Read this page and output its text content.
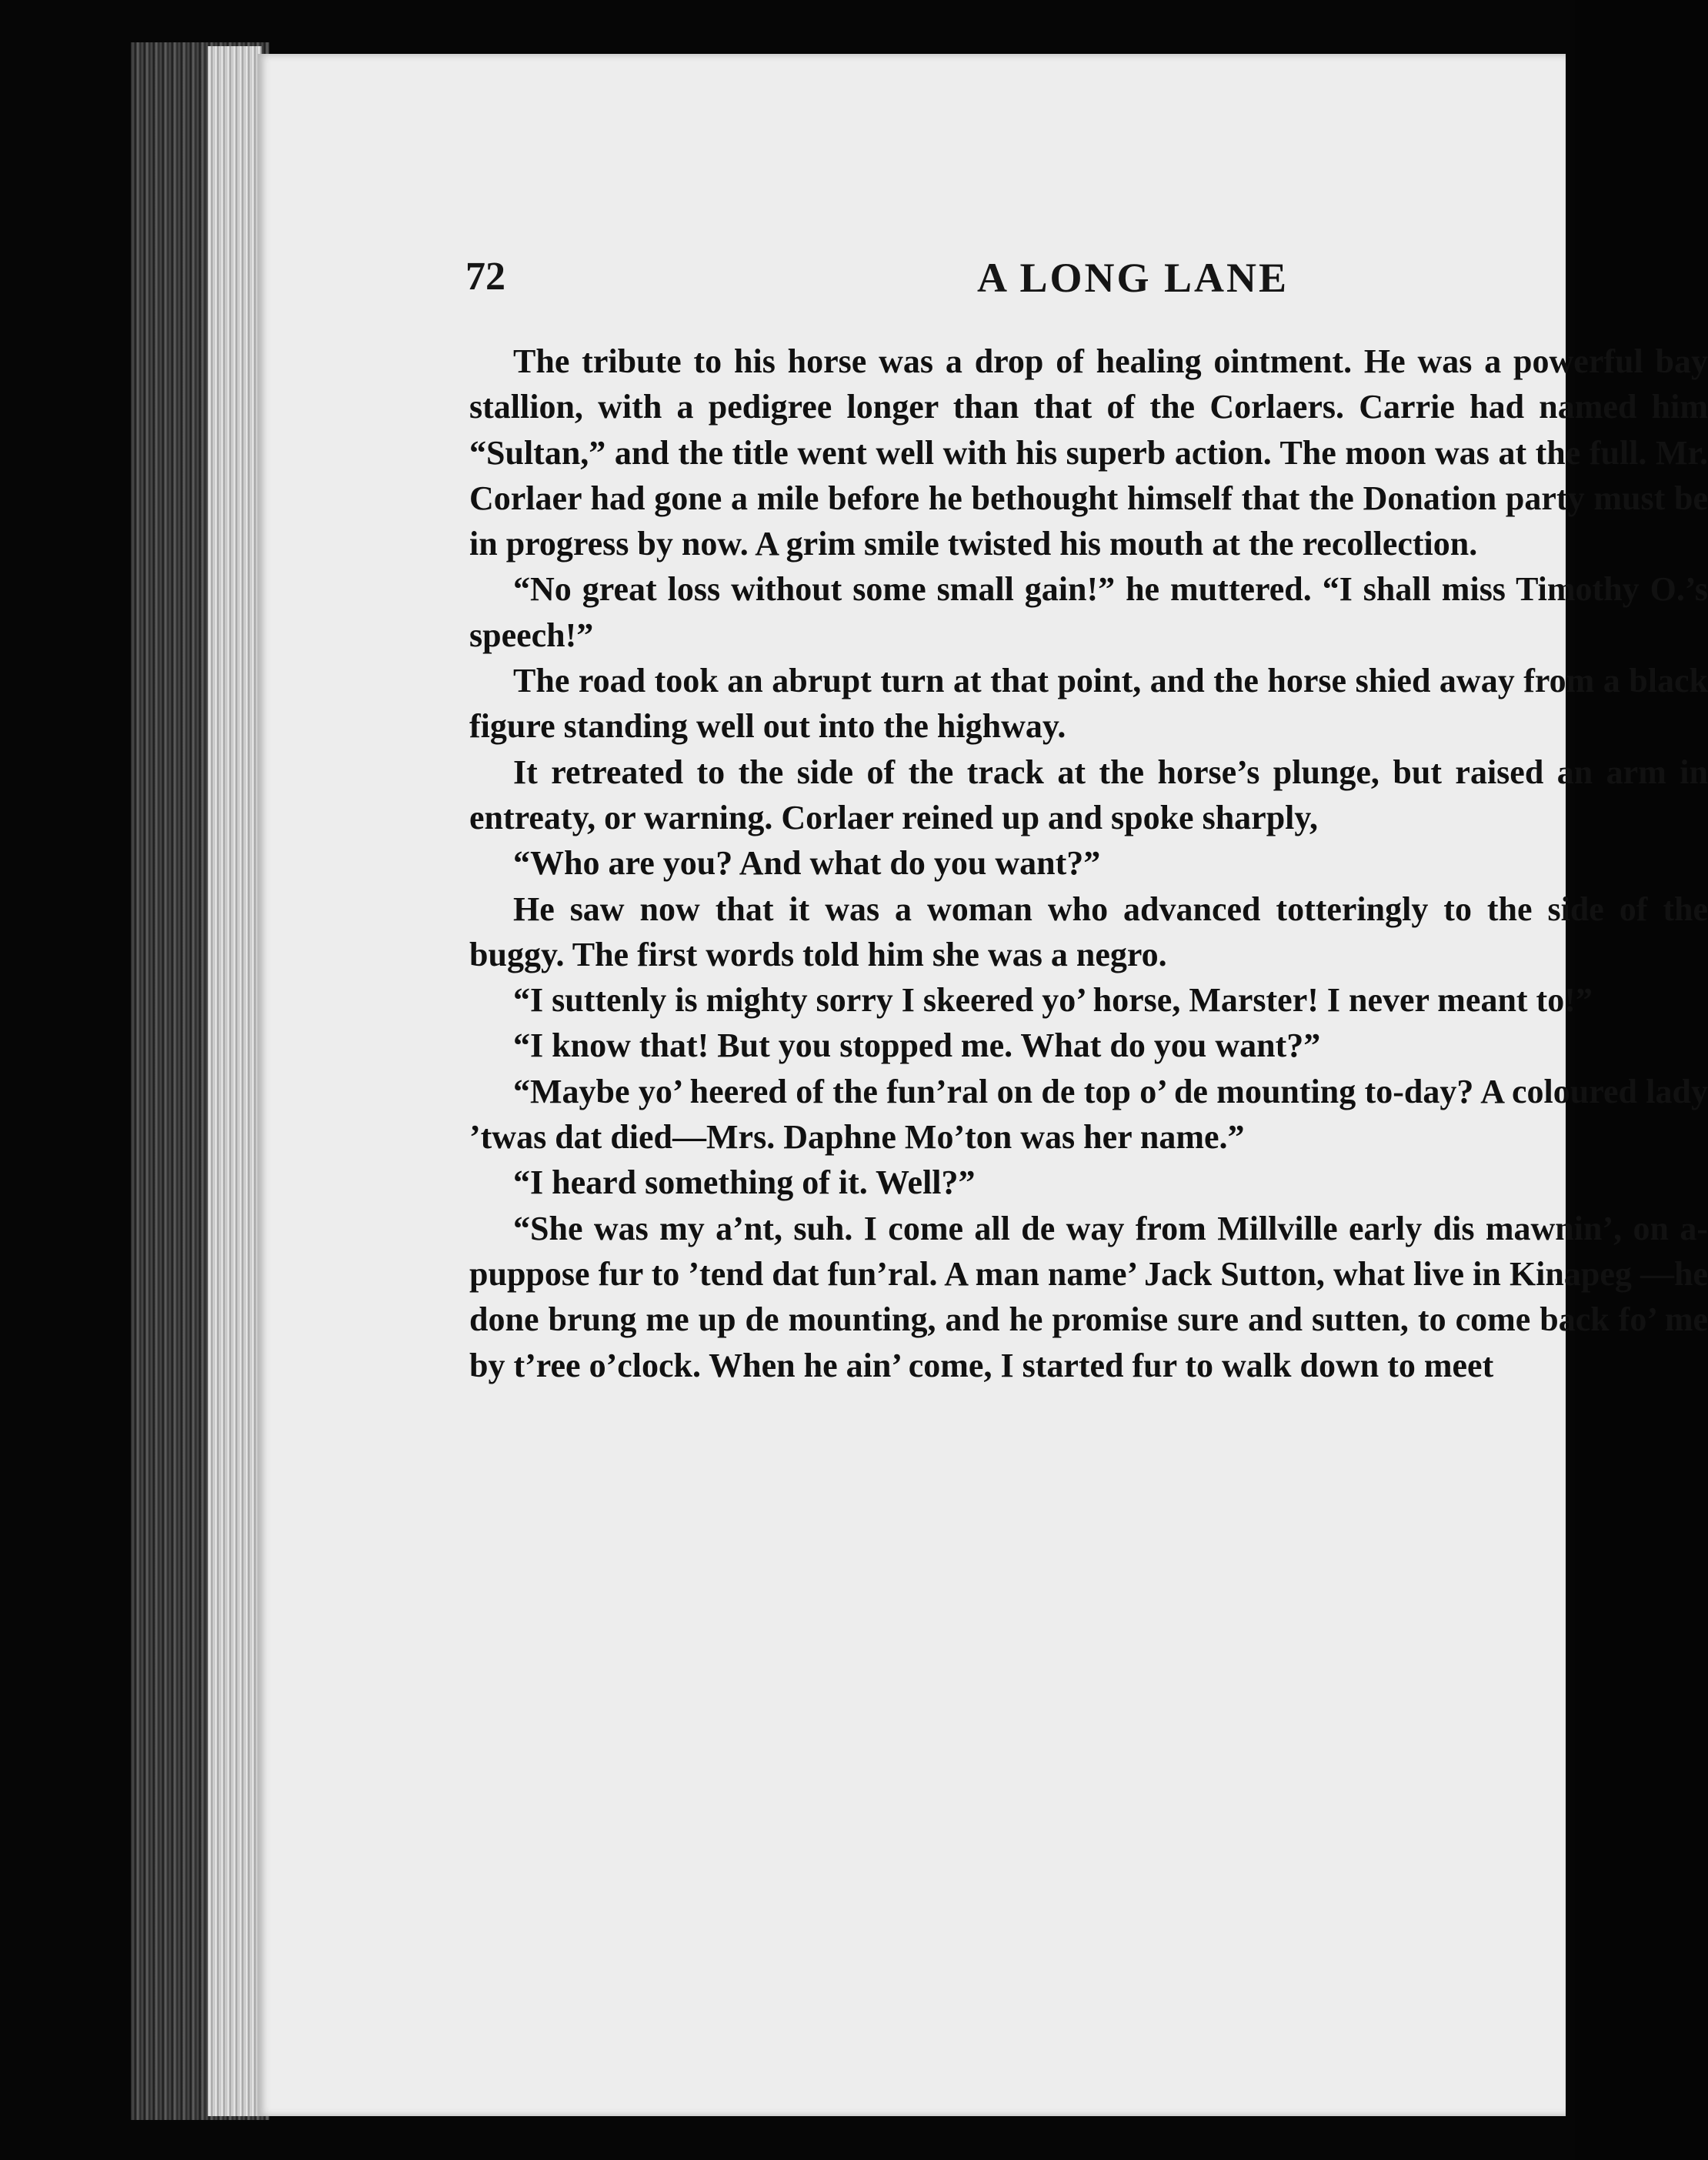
72	A LONG LANE

The tribute to his horse was a drop of healing ointment. He was a powerful bay stallion, with a pedigree longer than that of the Corlaers. Carrie had named him “Sultan,” and the title went well with his superb action. The moon was at the full. Mr. Corlaer had gone a mile before he bethought himself that the Donation party must be in progress by now. A grim smile twisted his mouth at the recollection.

“No great loss without some small gain!” he muttered. “I shall miss Timothy O.’s speech!”

The road took an abrupt turn at that point, and the horse shied away from a black figure standing well out into the highway.

It retreated to the side of the track at the horse’s plunge, but raised an arm in entreaty, or warning. Corlaer reined up and spoke sharply,

“Who are you? And what do you want?”

He saw now that it was a woman who advanced totteringly to the side of the buggy. The first words told him she was a negro.

“I suttenly is mighty sorry I skeered yo’ horse, Marster! I never meant to!”

“I know that! But you stopped me. What do you want?”

“Maybe yo’ heered of the fun’ral on de top o’ de mounting to-day? A coloured lady ’twas dat died—Mrs. Daphne Mo’ton was her name.”

“I heard something of it. Well?”

“She was my a’nt, suh. I come all de way from Millville early dis mawnin’, on a-puppose fur to ’tend dat fun’ral. A man name’ Jack Sutton, what live in Kinapeg —he done brung me up de mounting, and he promise sure and sutten, to come back fo’ me by t’ree o’clock. When he ain’ come, I started fur to walk down to meet
